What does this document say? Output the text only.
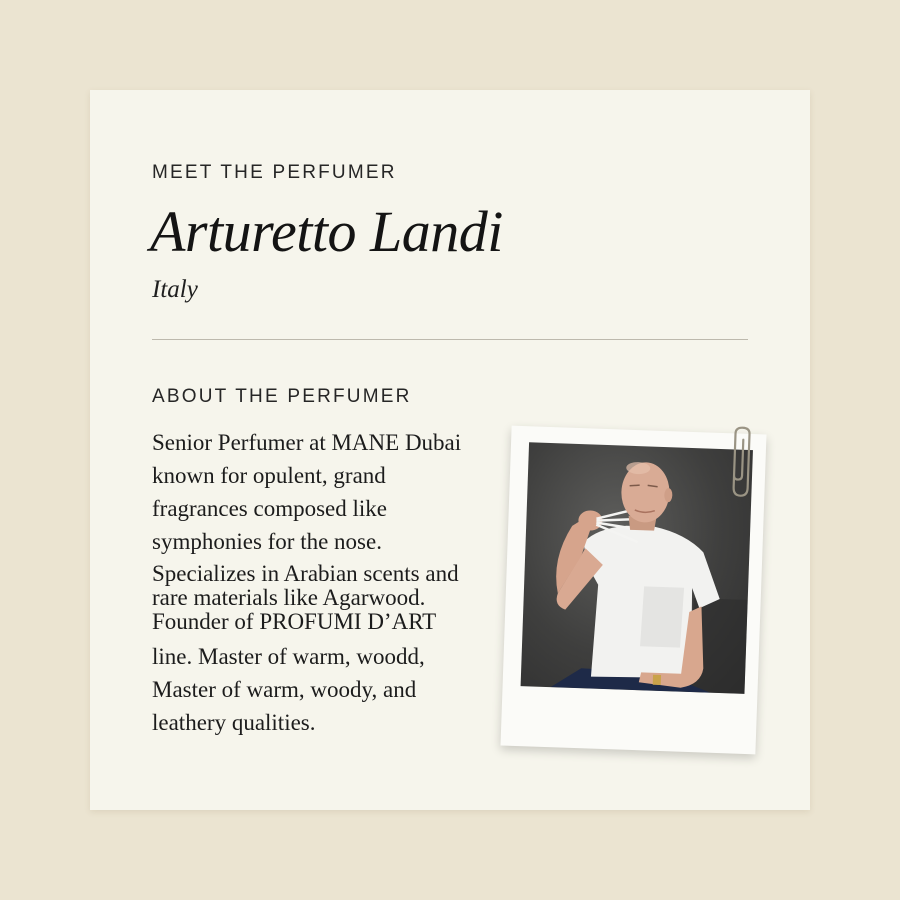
MEET THE PERFUMER
Arturetto Landi
Italy
ABOUT THE PERFUMER
Senior Perfumer at MANE Dubai
known for opulent, grand
fragrances composed like
symphonies for the nose.
Specializes in Arabian scents and
rare materials like Agarwood.
Founder of PROFUMI D’ART
line. Master of warm, woodd,
Master of warm, woody, and
leathery qualities.
